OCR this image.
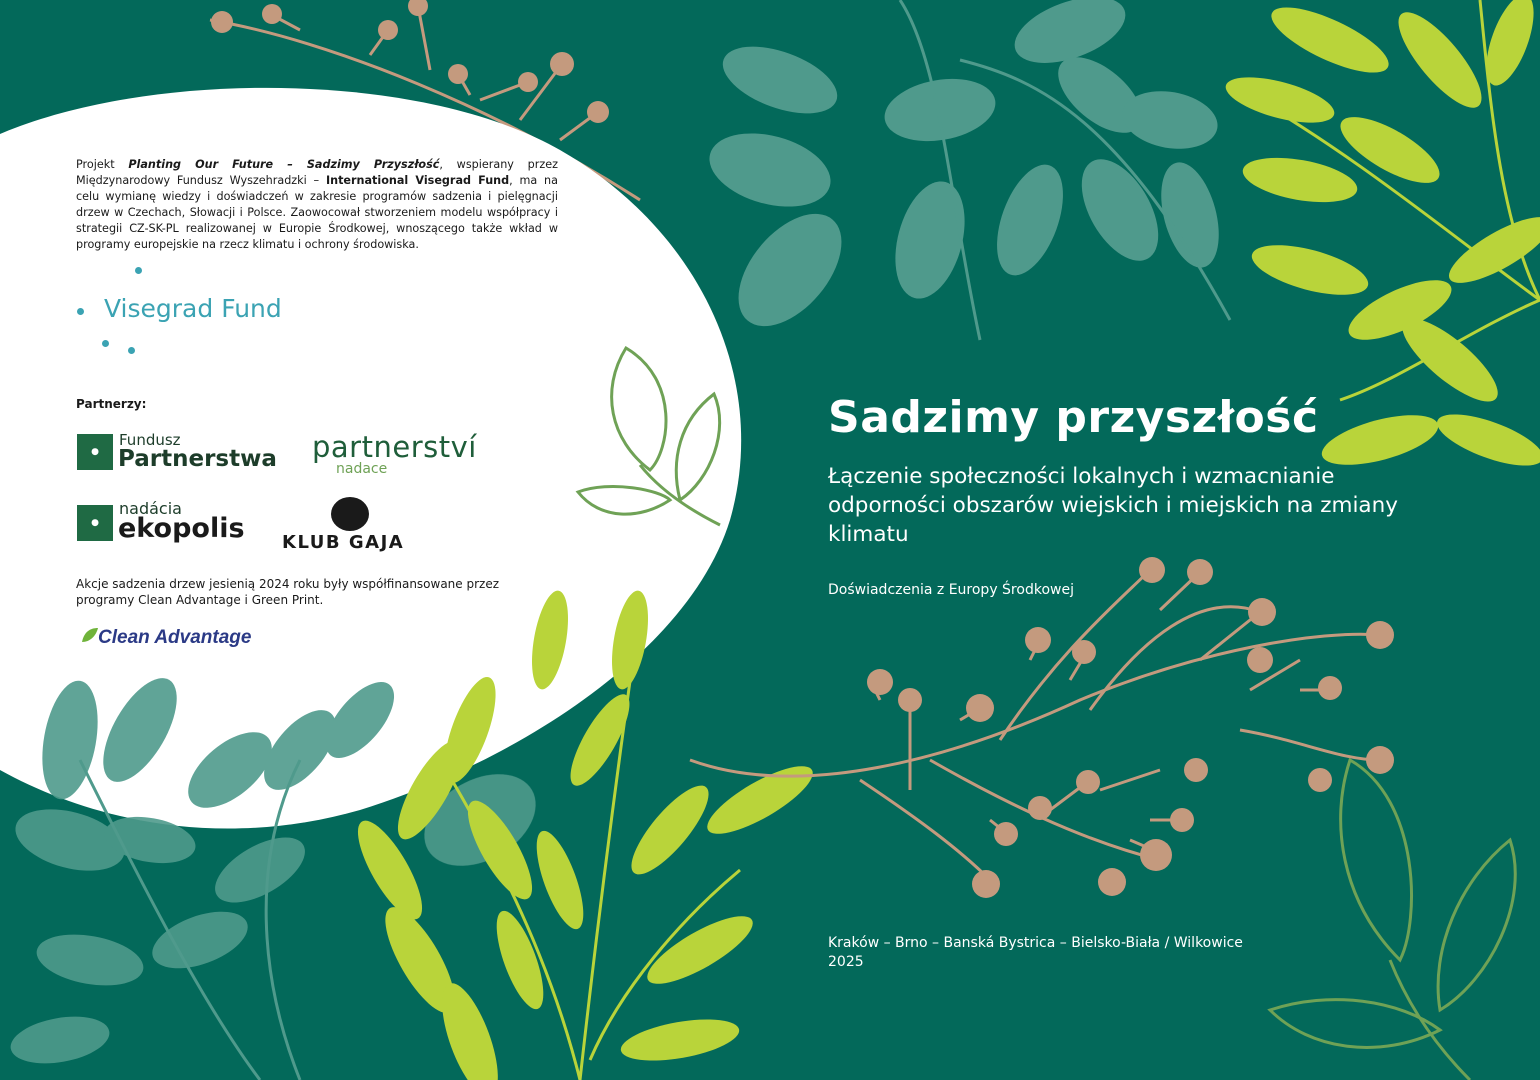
Projekt Planting Our Future – Sadzimy Przyszłość, wspierany przez Międzynarodowy Fundusz Wyszehradzki – International Visegrad Fund, ma na celu wymianę wiedzy i doświadczeń w zakresie programów sadzenia i pielęgnacji drzew w Czechach, Słowacji i Polsce. Zaowocował stworzeniem modelu współpracy i strategii CZ-SK-PL realizowanej w Europie Środkowej, wnoszącego także wkład w programy europejskie na rzecz klimatu i ochrony środowiska.

Visegrad Fund

Partnerzy:

●

Fundusz

Partnerstwa partnerství

nadace

●

nadácia

ekopolis KLUB GAJA

Akcje sadzenia drzew jesienią 2024 roku były współfinansowane przez programy Clean Advantage i Green Print.

Clean Advantage

Sadzimy przyszłość

Łączenie społeczności lokalnych i wzmacnianie odporności obszarów wiejskich i miejskich na zmiany klimatu

Doświadczenia z Europy Środkowej

Kraków – Brno – Banská Bystrica – Bielsko-Biała / Wilkowice

2025
